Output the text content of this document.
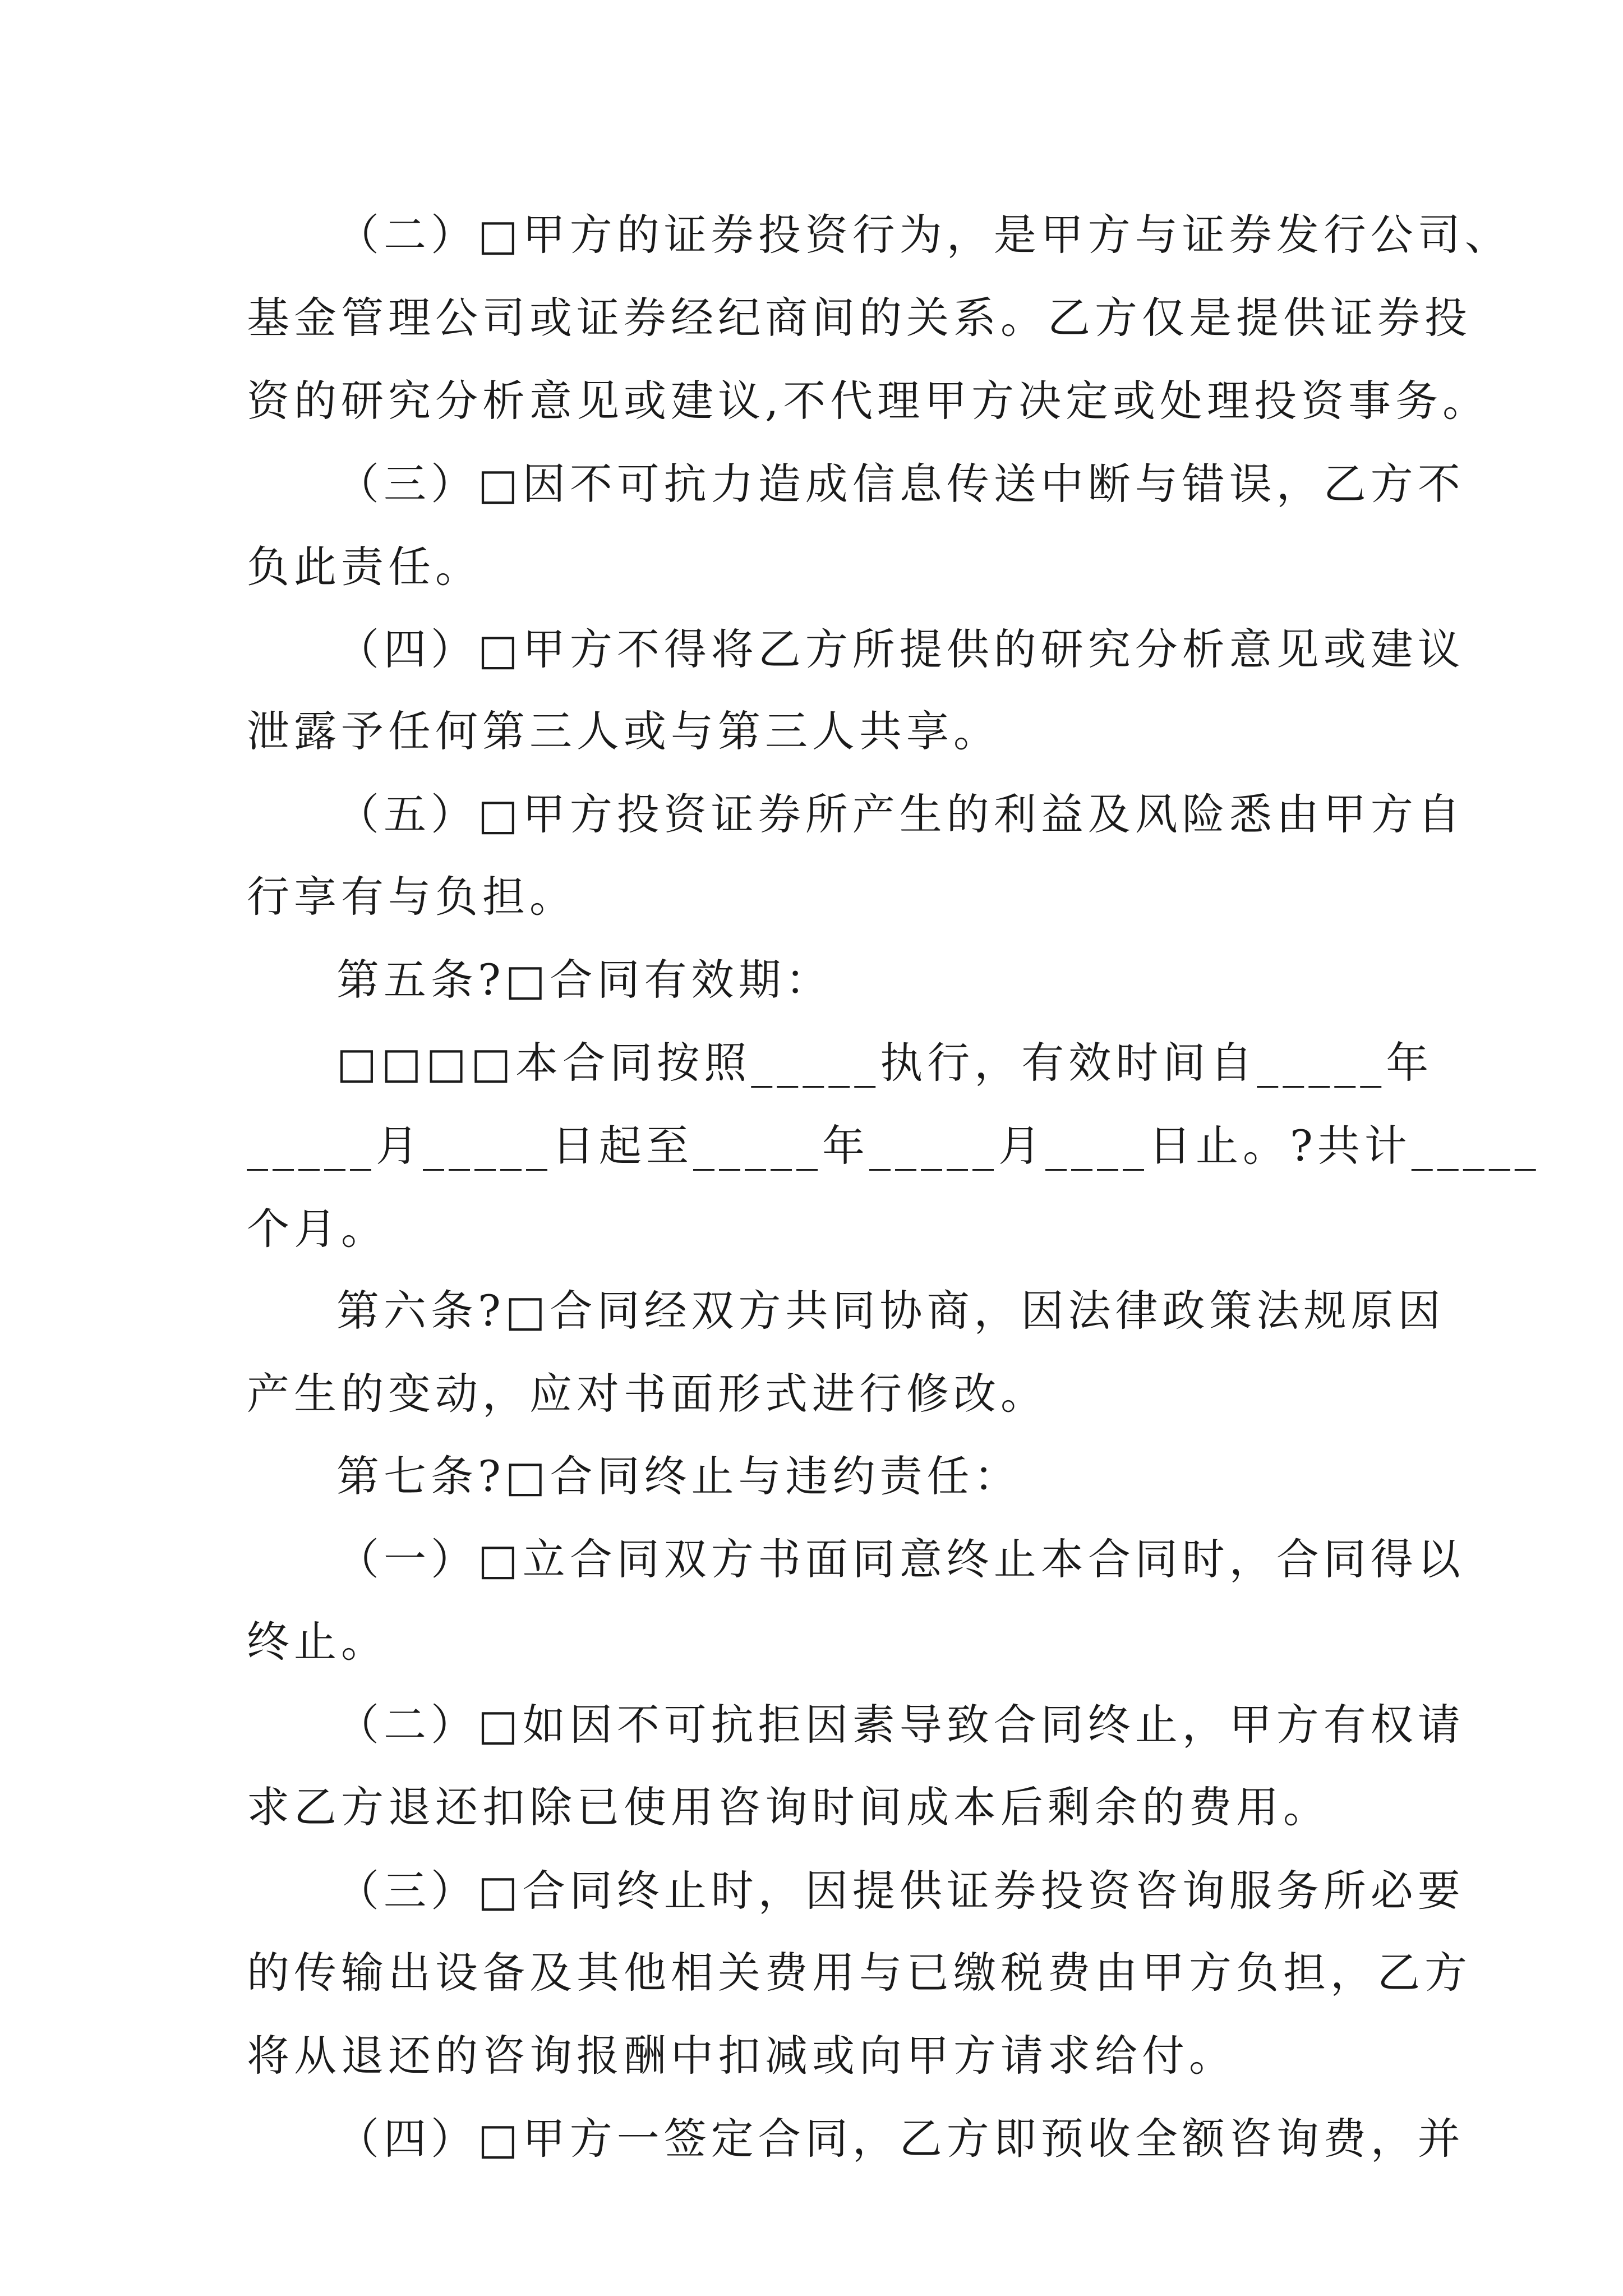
（二）□甲方的证券投资行为，是甲方与证券发行公司、
基金管理公司或证券经纪商间的关系。乙方仅是提供证券投
资的研究分析意见或建议,不代理甲方决定或处理投资事务。
（三）□因不可抗力造成信息传送中断与错误，乙方不
负此责任。
（四）□甲方不得将乙方所提供的研究分析意见或建议
泄露予任何第三人或与第三人共享。
（五）□甲方投资证券所产生的利益及风险悉由甲方自
行享有与负担。
第五条?□合同有效期：
□□□□本合同按照_____执行，有效时间自_____年
_____月_____日起至_____年_____月____日止。?共计_____
个月。
第六条?□合同经双方共同协商，因法律政策法规原因
产生的变动，应对书面形式进行修改。
第七条?□合同终止与违约责任：
（一）□立合同双方书面同意终止本合同时，合同得以
终止。
（二）□如因不可抗拒因素导致合同终止，甲方有权请
求乙方退还扣除已使用咨询时间成本后剩余的费用。
（三）□合同终止时，因提供证券投资咨询服务所必要
的传输出设备及其他相关费用与已缴税费由甲方负担，乙方
将从退还的咨询报酬中扣减或向甲方请求给付。
（四）□甲方一签定合同，乙方即预收全额咨询费，并
